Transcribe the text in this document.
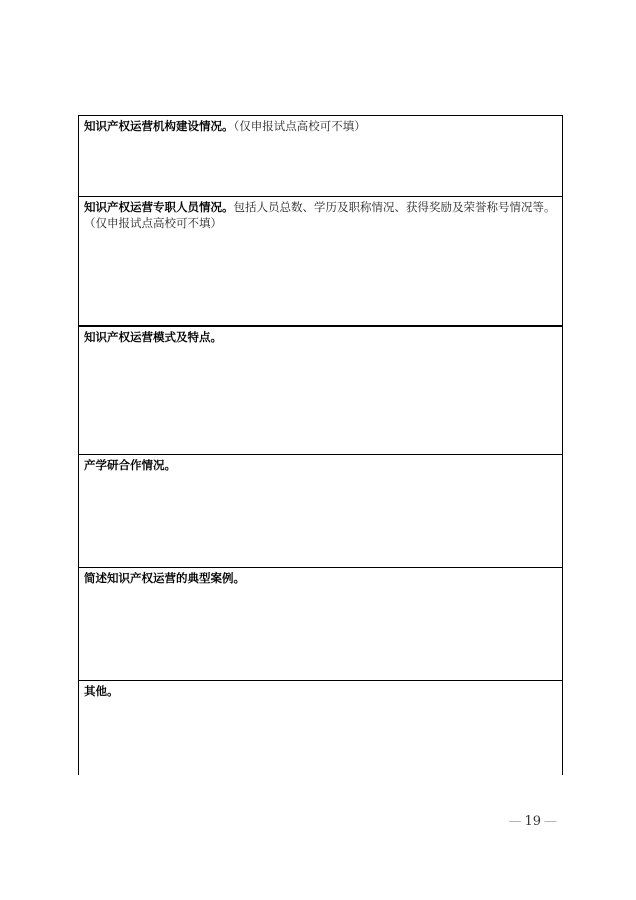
知识产权运营机构建设情况。（仅申报试点高校可不填）
知识产权运营专职人员情况。包括人员总数、学历及职称情况、获得奖励及荣誉称号情况等。（仅申报试点高校可不填）
知识产权运营模式及特点。
产学研合作情况。
简述知识产权运营的典型案例。
其他。
— 19 —
